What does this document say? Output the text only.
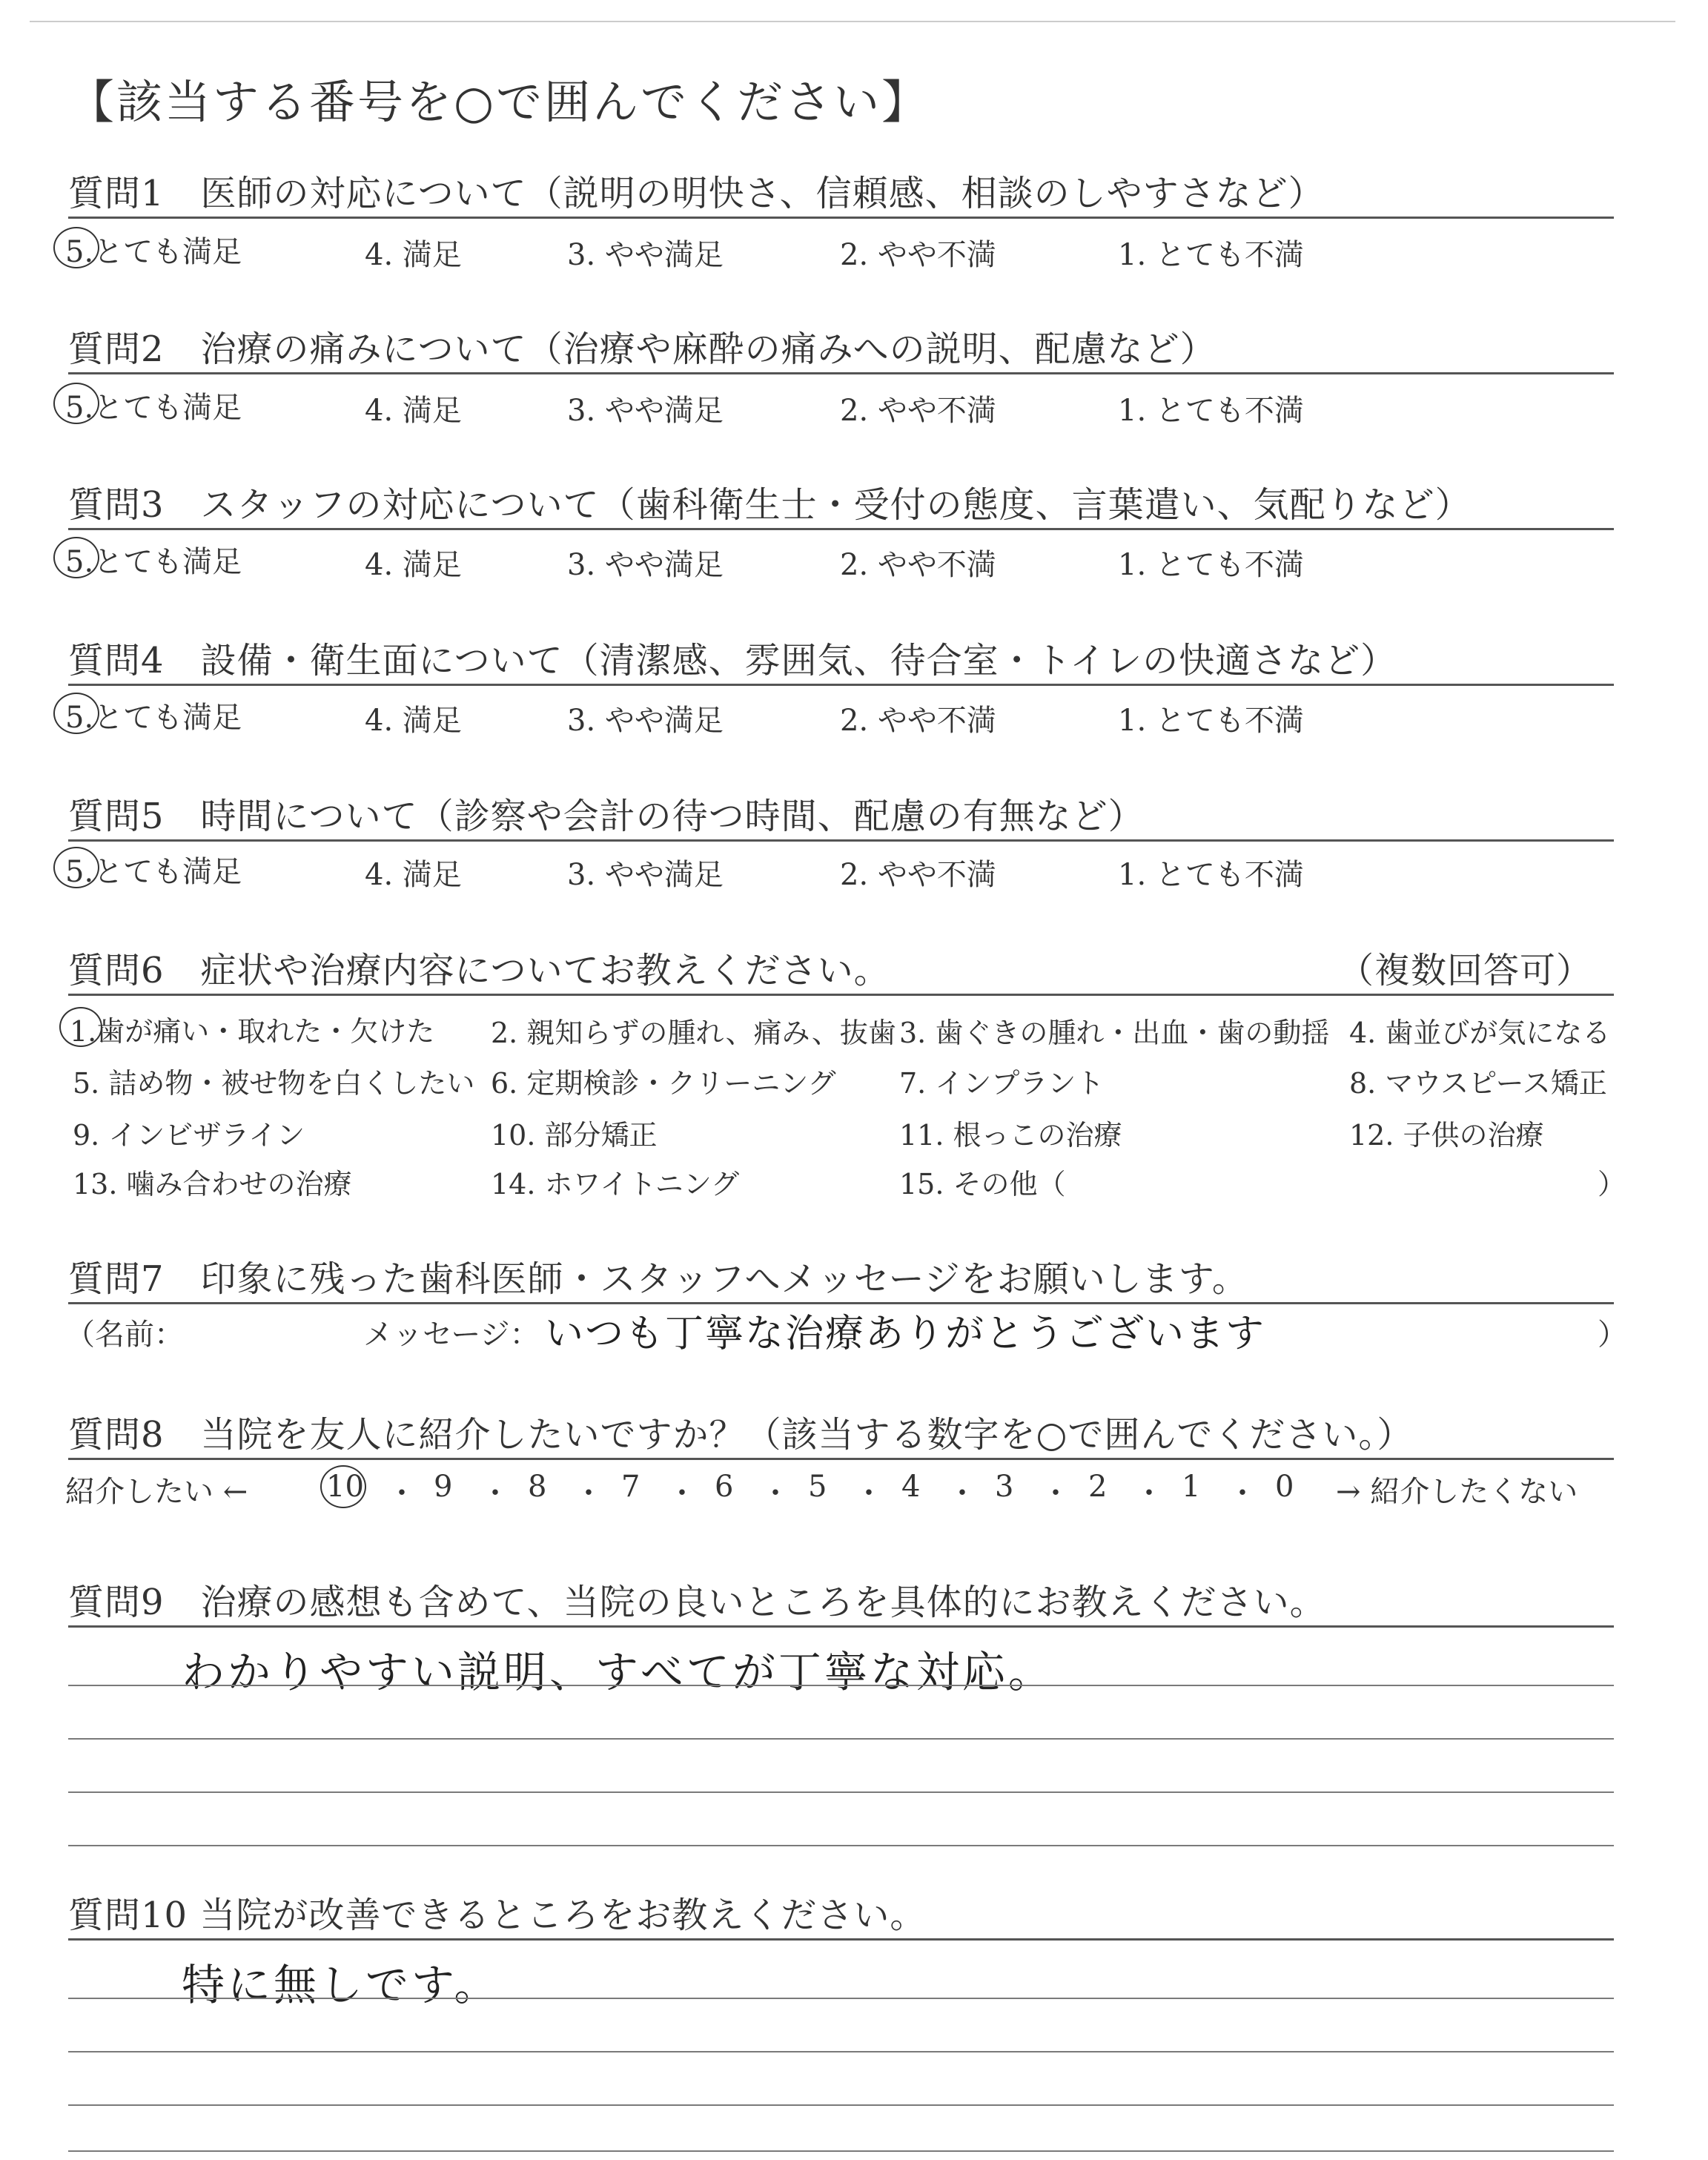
【該当する番号を○で囲んでください】
質問1　医師の対応について（説明の明快さ、信頼感、相談のしやすさなど）
5.とても満足	4. 満足	3. やや満足	2. やや不満	1. とても不満
質問2　治療の痛みについて（治療や麻酔の痛みへの説明、配慮など）
5.とても満足	4. 満足	3. やや満足	2. やや不満	1. とても不満
質問3　スタッフの対応について（歯科衛生士・受付の態度、言葉遣い、気配りなど）
5.とても満足	4. 満足	3. やや満足	2. やや不満	1. とても不満
質問4　設備・衛生面について（清潔感、雰囲気、待合室・トイレの快適さなど）
5.とても満足	4. 満足	3. やや満足	2. やや不満	1. とても不満
質問5　時間について（診察や会計の待つ時間、配慮の有無など）
5.とても満足	4. 満足	3. やや満足	2. やや不満	1. とても不満
質問6　症状や治療内容についてお教えください。	（複数回答可）
1.歯が痛い・取れた・欠けた 2. 親知らずの腫れ、痛み、抜歯 3. 歯ぐきの腫れ・出血・歯の動揺 4. 歯並びが気になる
5. 詰め物・被せ物を白くしたい 6. 定期検診・クリーニング 7. インプラント	8. マウスピース矯正
9. インビザライン	10. 部分矯正	11. 根っこの治療	12. 子供の治療
13. 噛み合わせの治療	14. ホワイトニング	15. その他（	）
質問7　印象に残った歯科医師・スタッフへメッセージをお願いします。
（名前：	メッセージ： いつも丁寧な治療ありがとうございます	）
質問8　当院を友人に紹介したいですか？（該当する数字を○で囲んでください。）
紹介したい ←	10 ・ 9 ・ 8 ・ 7 ・ 6 ・ 5 ・ 4 ・ 3 ・ 2 ・ 1 ・ 0 → 紹介したくない
質問9　治療の感想も含めて、当院の良いところを具体的にお教えください。
わかりやすい説明、すべてが丁寧な対応。
質問10 当院が改善できるところをお教えください。
特に無しです。
